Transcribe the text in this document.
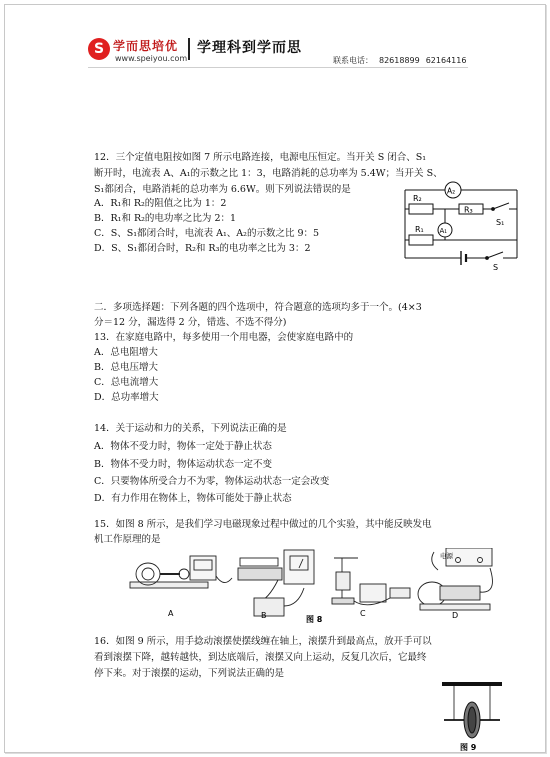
S 学而思培优
www.speiyou.com
学理科到学而思
联系电话： 82618899 62164116
12．三个定值电阻按如图 7 所示电路连接，电源电压恒定。当开关 S 闭合、S₁
断开时，电流表 A、A₁的示数之比 1：3，电路消耗的总功率为 5.4W；当开关 S、
S₁都闭合，电路消耗的总功率为 6.6W。则下列说法错误的是
A．R₁和 R₂的阻值之比为 1：2
B．R₁和 R₂的电功率之比为 2：1
C．S、S₁都闭合时，电流表 A₁、A₂的示数之比 9：5
D．S、S₁都闭合时，R₂和 R₃的电功率之比为 3：2
A₂
R₂
R₃
A₁
R₁
S₁
S
二．多项选择题：下列各题的四个选项中，符合题意的选项均多于一个。(4×3
分＝12 分，漏选得 2 分，错选、不选不得分)
13．在家庭电路中，每多使用一个用电器，会使家庭电路中的
A．总电阻增大
B．总电压增大
C．总电流增大
D．总功率增大
14．关于运动和力的关系，下列说法正确的是
A．物体不受力时，物体一定处于静止状态
B．物体不受力时，物体运动状态一定不变
C．只要物体所受合力不为零，物体运动状态一定会改变
D．有力作用在物体上，物体可能处于静止状态
15．如图 8 所示，是我们学习电磁现象过程中做过的几个实验，其中能反映发电
机工作原理的是
电源
A	B	C	D
图 8
16．如图 9 所示，用手捻动滚摆使摆线缠在轴上，滚摆升到最高点，放开手可以
看到滚摆下降，越转越快，到达底端后，滚摆又向上运动，反复几次后，它最终
停下来。对于滚摆的运动，下列说法正确的是
图 9
